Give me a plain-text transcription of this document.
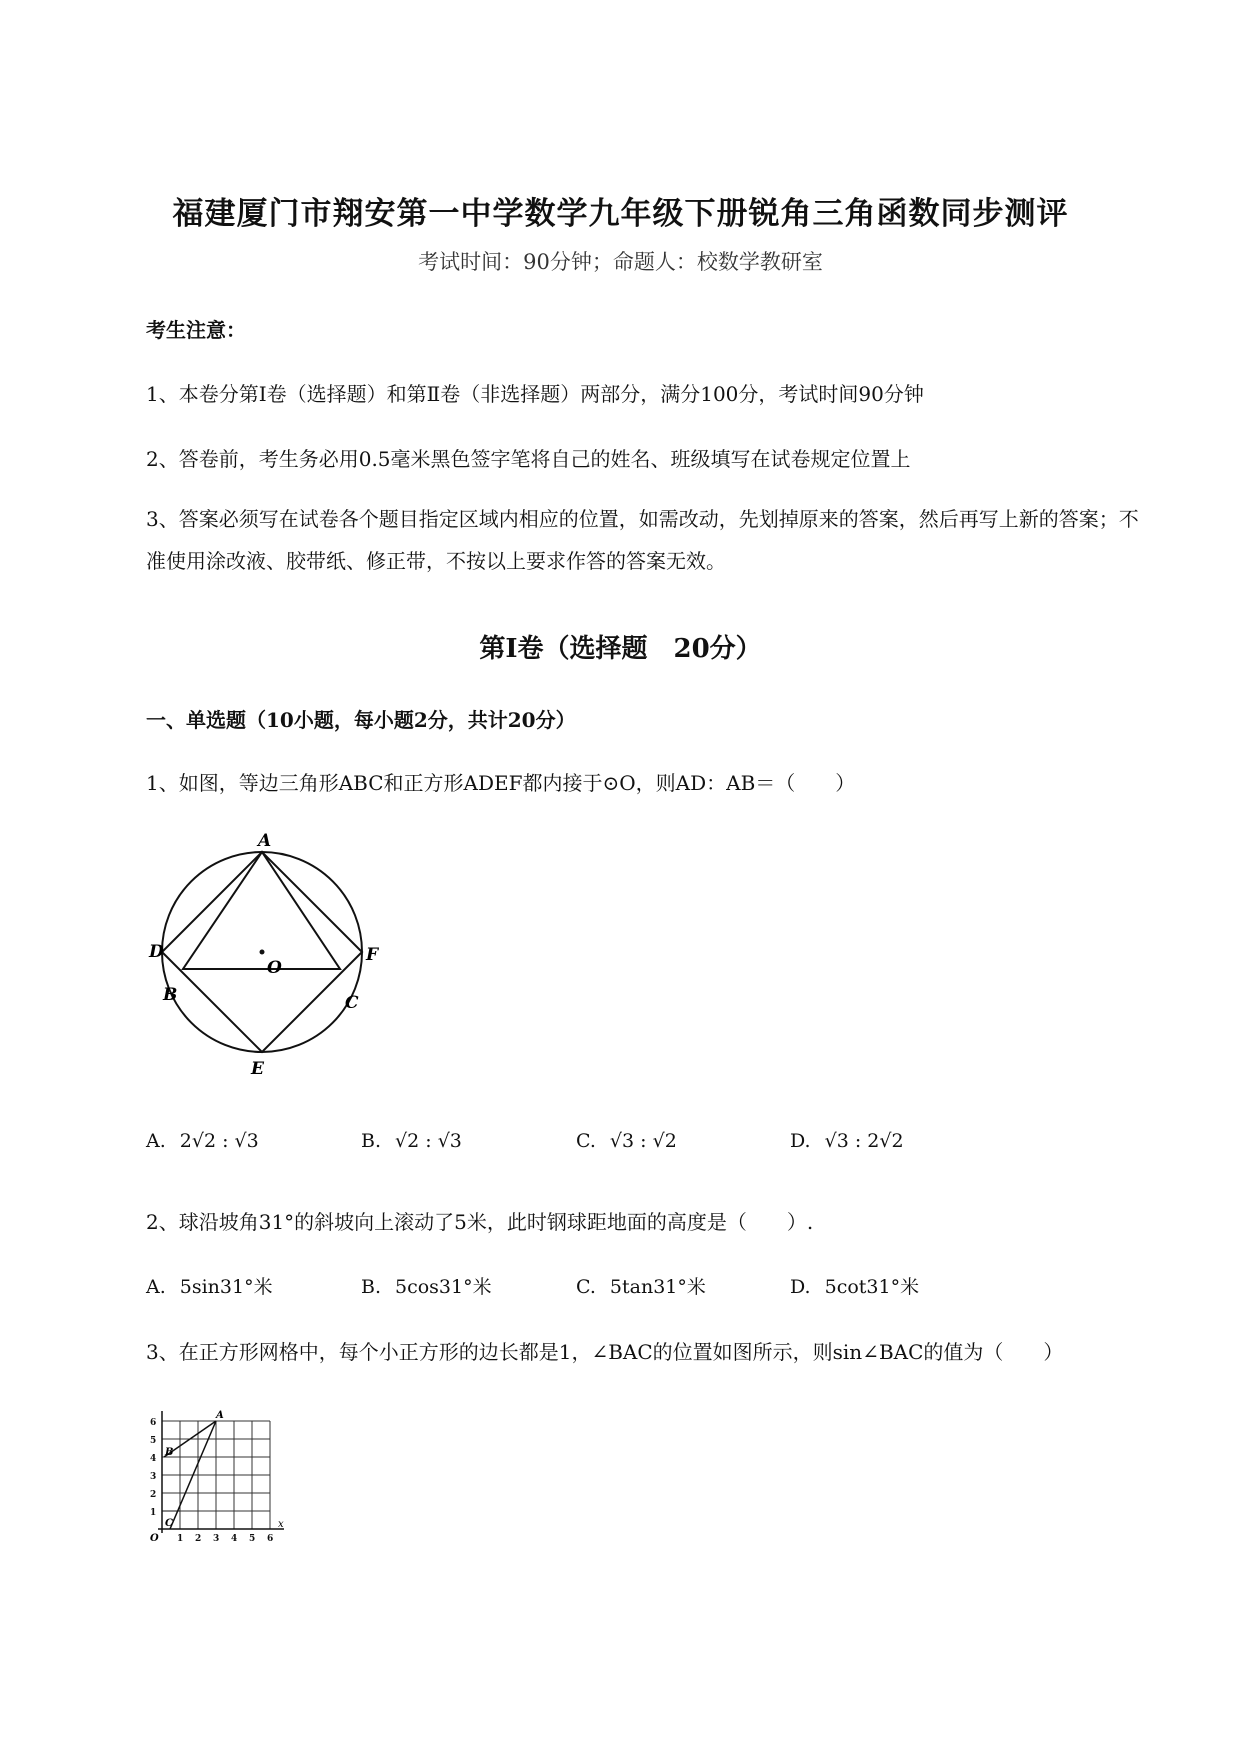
福建厦门市翔安第一中学数学九年级下册锐角三角函数同步测评
考试时间：90分钟；命题人：校数学教研室
考生注意：
1、本卷分第I卷（选择题）和第Ⅱ卷（非选择题）两部分，满分100分，考试时间90分钟
2、答卷前，考生务必用0.5毫米黑色签字笔将自己的姓名、班级填写在试卷规定位置上
3、答案必须写在试卷各个题目指定区域内相应的位置，如需改动，先划掉原来的答案，然后再写上新的答案；不准使用涂改液、胶带纸、修正带，不按以上要求作答的答案无效。
第I卷（选择题　20分）
一、单选题（10小题，每小题2分，共计20分）
1、如图，等边三角形ABC和正方形ADEF都内接于⊙O，则AD：AB＝（　　）
A
D	F
O
B	C
E
A. 2√2 : √3	B. √2 : √3	C. √3 : √2	D. √3 : 2√2
2、球沿坡角31°的斜坡向上滚动了5米，此时钢球距地面的高度是（　　）.
A. 5sin31°米	B. 5cos31°米	C. 5tan31°米	D. 5cot31°米
3、在正方形网格中，每个小正方形的边长都是1，∠BAC的位置如图所示，则sin∠BAC的值为（　　）
1
2
3
4
5
6
1 2 3 4 5 6
O
x
A
B
C
